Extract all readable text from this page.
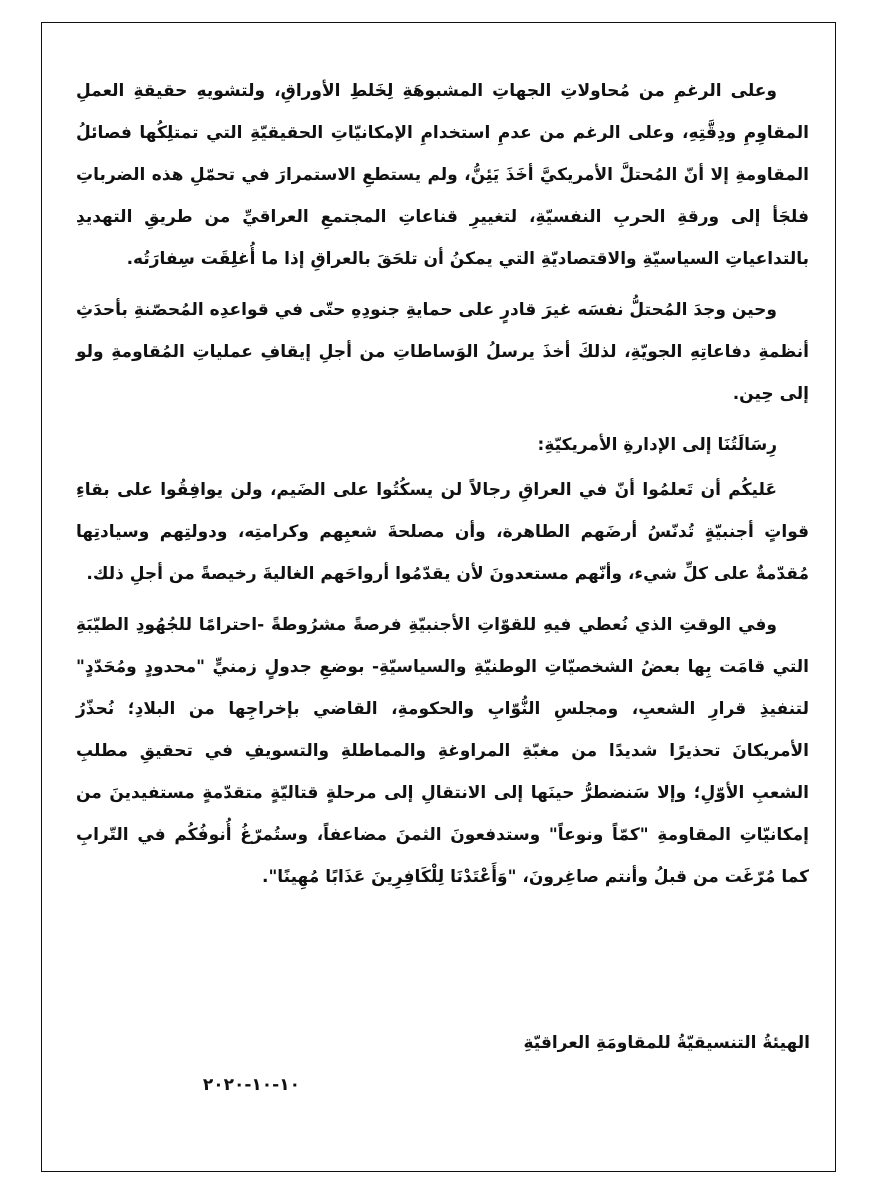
وعلى الرغمِ من مُحاولاتِ الجهاتِ المشبوهَةِ لِخَلطِ الأوراقِ، ولتشويهِ حقيقةِ العملِ المقاوِمِ ودِقَّتِهِ، وعلى الرغم من عدمِ استخدامِ الإمكانيّاتِ الحقيقيّةِ التي تمتلِكُها فصائلُ المقاومةِ إلا أنّ المُحتلَّ الأمريكيَّ أخَذَ يَئِنُّ، ولم يستطعِ الاستمرارَ في تحمّلِ هذه الضرباتِ فلجَأ إلى ورقةِ الحربِ النفسيّةِ، لتغييرِ قناعاتِ المجتمعِ العراقيِّ من طريقِ التهديدِ بالتداعياتِ السياسيّةِ والاقتصاديّةِ التي يمكنُ أن تلحَقَ بالعراقِ إذا ما أُغلِقَت سِفارَتُه.

وحين وجدَ المُحتلُّ نفسَه غيرَ قادرٍ على حمايةِ جنودِهِ حتّى في قواعدِه المُحصّنةِ بأحدَثِ أنظمةِ دفاعاتِهِ الجويّةِ، لذلكَ أخذَ يرسلُ الوَساطاتِ من أجلِ إيقافِ عملياتِ المُقاومةِ ولو إلى حِين.

رِسَالَتُنَا إلى الإدارةِ الأمريكيّةِ:

عَليكُم أن تَعلمُوا أنّ في العراقِ رجالاً لن يسكُتُوا على الضَيم، ولن يوافِقُوا على بقاءِ قواتٍ أجنبيّةٍ تُدنّسُ أرضَهم الطاهرة، وأن مصلحةَ شعبِهم وكرامتِه، ودولتِهم وسيادتِها مُقدّمةٌ على كلِّ شيء، وأنّهم مستعدونَ لأن يقدّمُوا أرواحَهم الغاليةَ رخيصةً من أجلِ ذلك.

وفي الوقتِ الذي نُعطي فيهِ للقوّاتِ الأجنبيّةِ فرصةً مشرُوطةً -احترامًا للجُهُودِ الطيّبَةِ التي قامَت بِها بعضُ الشخصيّاتِ الوطنيّةِ والسياسيّةِ- بوضعِ جدولٍ زمنيٍّ "محدودٍ ومُحَدّدٍ" لتنفيذِ قرارِ الشعبِ، ومجلسِ النُّوّابِ والحكومةِ، القاضي بإخراجِها من البلادِ؛ نُحذّرُ الأمريكانَ تحذيرًا شديدًا من مغبّةِ المراوغةِ والمماطلةِ والتسويفِ في تحقيقِ مطلبِ الشعبِ الأوّلِ؛ وإلا سَنضطرُّ حينَها إلى الانتقالِ إلى مرحلةٍ قتاليّةٍ متقدّمةٍ مستفيدينَ من إمكانيّاتِ المقاومةِ "كمّاً ونوعاً" وستدفعونَ الثمنَ مضاعفاً، وستُمرّغُ أُنوفُكُم في التّرابِ كما مُرّغَت من قبلُ وأنتم صاغِرونَ، "وَأَعْتَدْنَا لِلْكَافِرِينَ عَذَابًا مُهِينًا".

الهيئةُ التنسيقيّةُ للمقاومَةِ العراقيّةِ
١٠-١٠-٢٠٢٠
